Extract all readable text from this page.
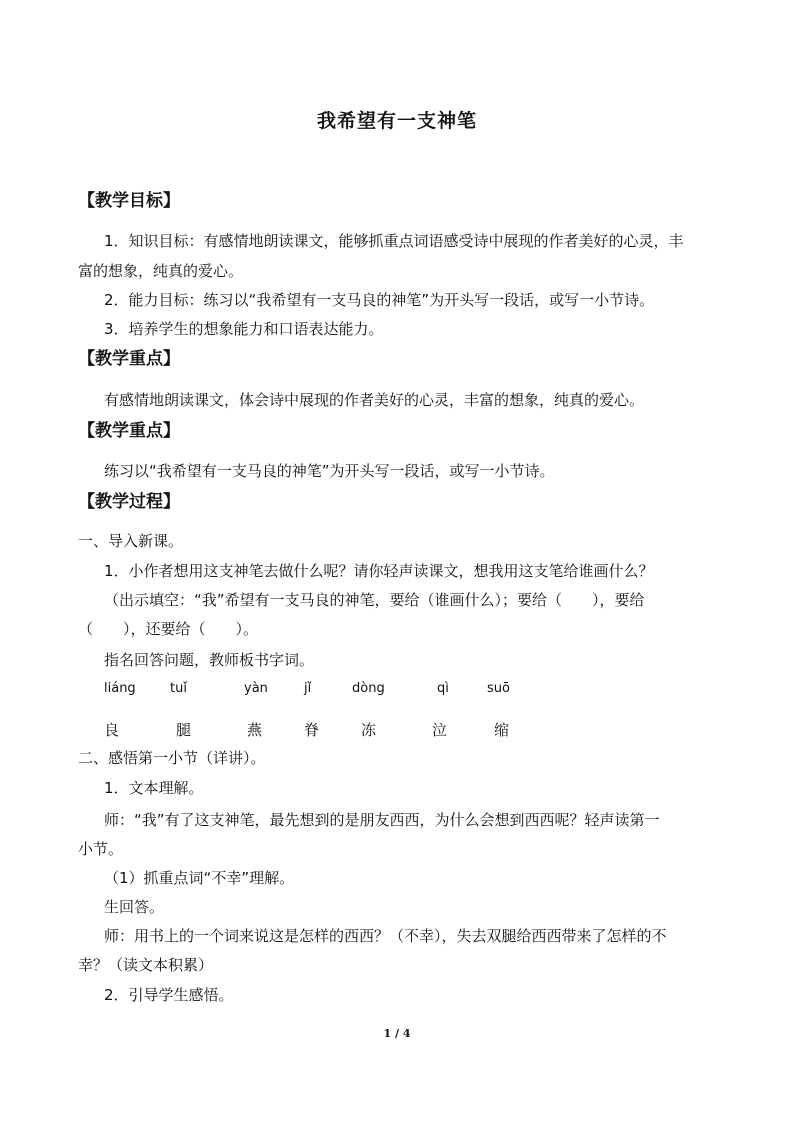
我希望有一支神笔
【教学目标】
1．知识目标：有感情地朗读课文，能够抓重点词语感受诗中展现的作者美好的心灵，丰
富的想象，纯真的爱心。
2．能力目标：练习以“我希望有一支马良的神笔”为开头写一段话，或写一小节诗。
3．培养学生的想象能力和口语表达能力。
【教学重点】
有感情地朗读课文，体会诗中展现的作者美好的心灵，丰富的想象，纯真的爱心。
【教学重点】
练习以“我希望有一支马良的神笔”为开头写一段话，或写一小节诗。
【教学过程】
一、导入新课。
1．小作者想用这支神笔去做什么呢？请你轻声读课文，想我用这支笔给谁画什么？
（出示填空：“我”希望有一支马良的神笔，要给（谁画什么）；要给（　　），要给
（　　），还要给（　　）。
指名回答问题，教师板书字词。
liáng	tuǐ	yàn	jǐ	dòng	qì	suō
良	腿	燕	脊	冻	泣	缩
二、感悟第一小节（详讲）。
1．文本理解。
师：“我”有了这支神笔，最先想到的是朋友西西，为什么会想到西西呢？轻声读第一
小节。
（1）抓重点词“不幸”理解。
生回答。
师：用书上的一个词来说这是怎样的西西？（不幸），失去双腿给西西带来了怎样的不
幸？（读文本积累）
2．引导学生感悟。
1 / 4
